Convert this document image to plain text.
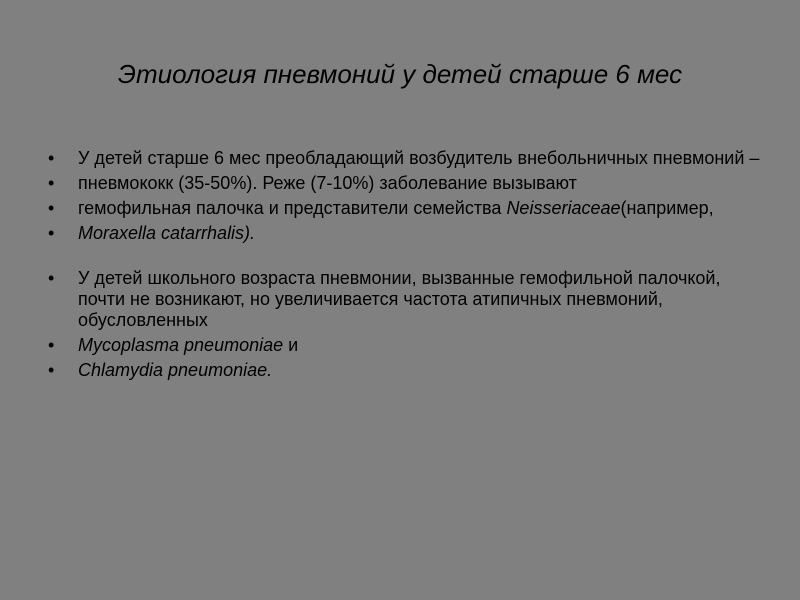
Этиология пневмоний у детей старше 6 мес
•	У детей старше 6 мес преобладающий возбудитель внебольничных пневмоний –
•	пневмококк (35-50%). Реже (7-10%) заболевание вызывают
•	гемофильная палочка и представители семейства Neisseriaceae(например,
•	Moraxella catarrhalis).
•	У детей школьного возраста пневмонии, вызванные гемофильной палочкой, почти не возникают, но увеличивается частота атипичных пневмоний, обусловленных
•	Mycoplasma pneumoniae и
•	Chlamydia pneumoniae.
